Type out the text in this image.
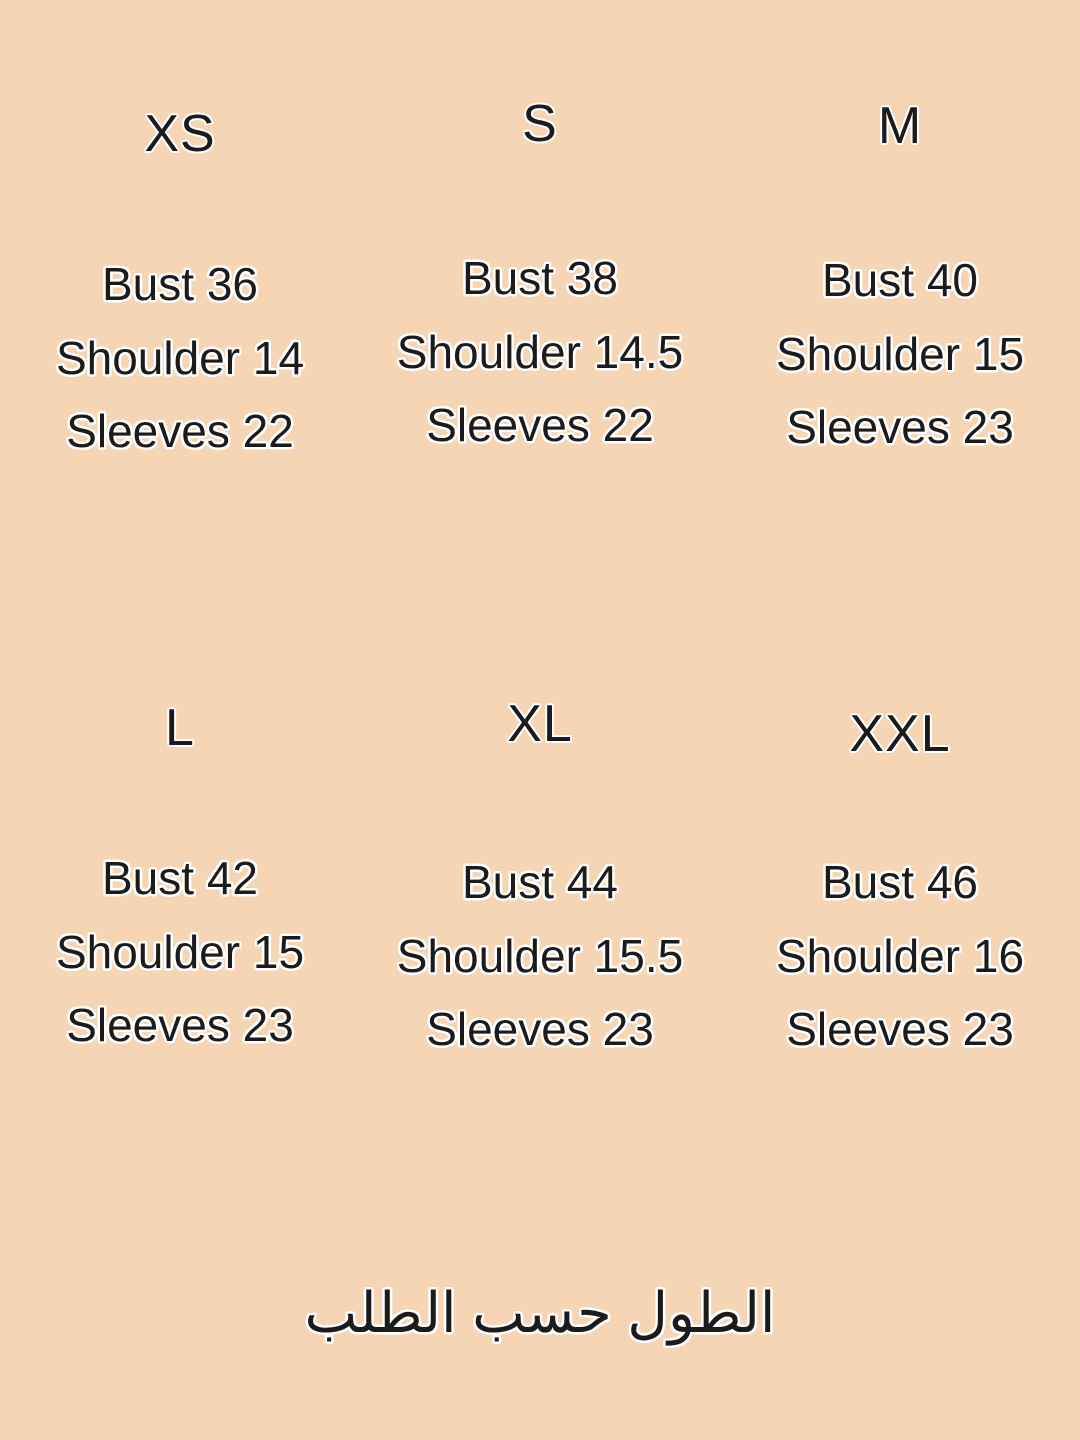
XS
Bust 36
Shoulder 14
Sleeves 22
S
Bust 38
Shoulder 14.5
Sleeves 22
M
Bust 40
Shoulder 15
Sleeves 23
L
Bust 42
Shoulder 15
Sleeves 23
XL
Bust 44
Shoulder 15.5
Sleeves 23
XXL
Bust 46
Shoulder 16
Sleeves 23
الطول حسب الطلب
